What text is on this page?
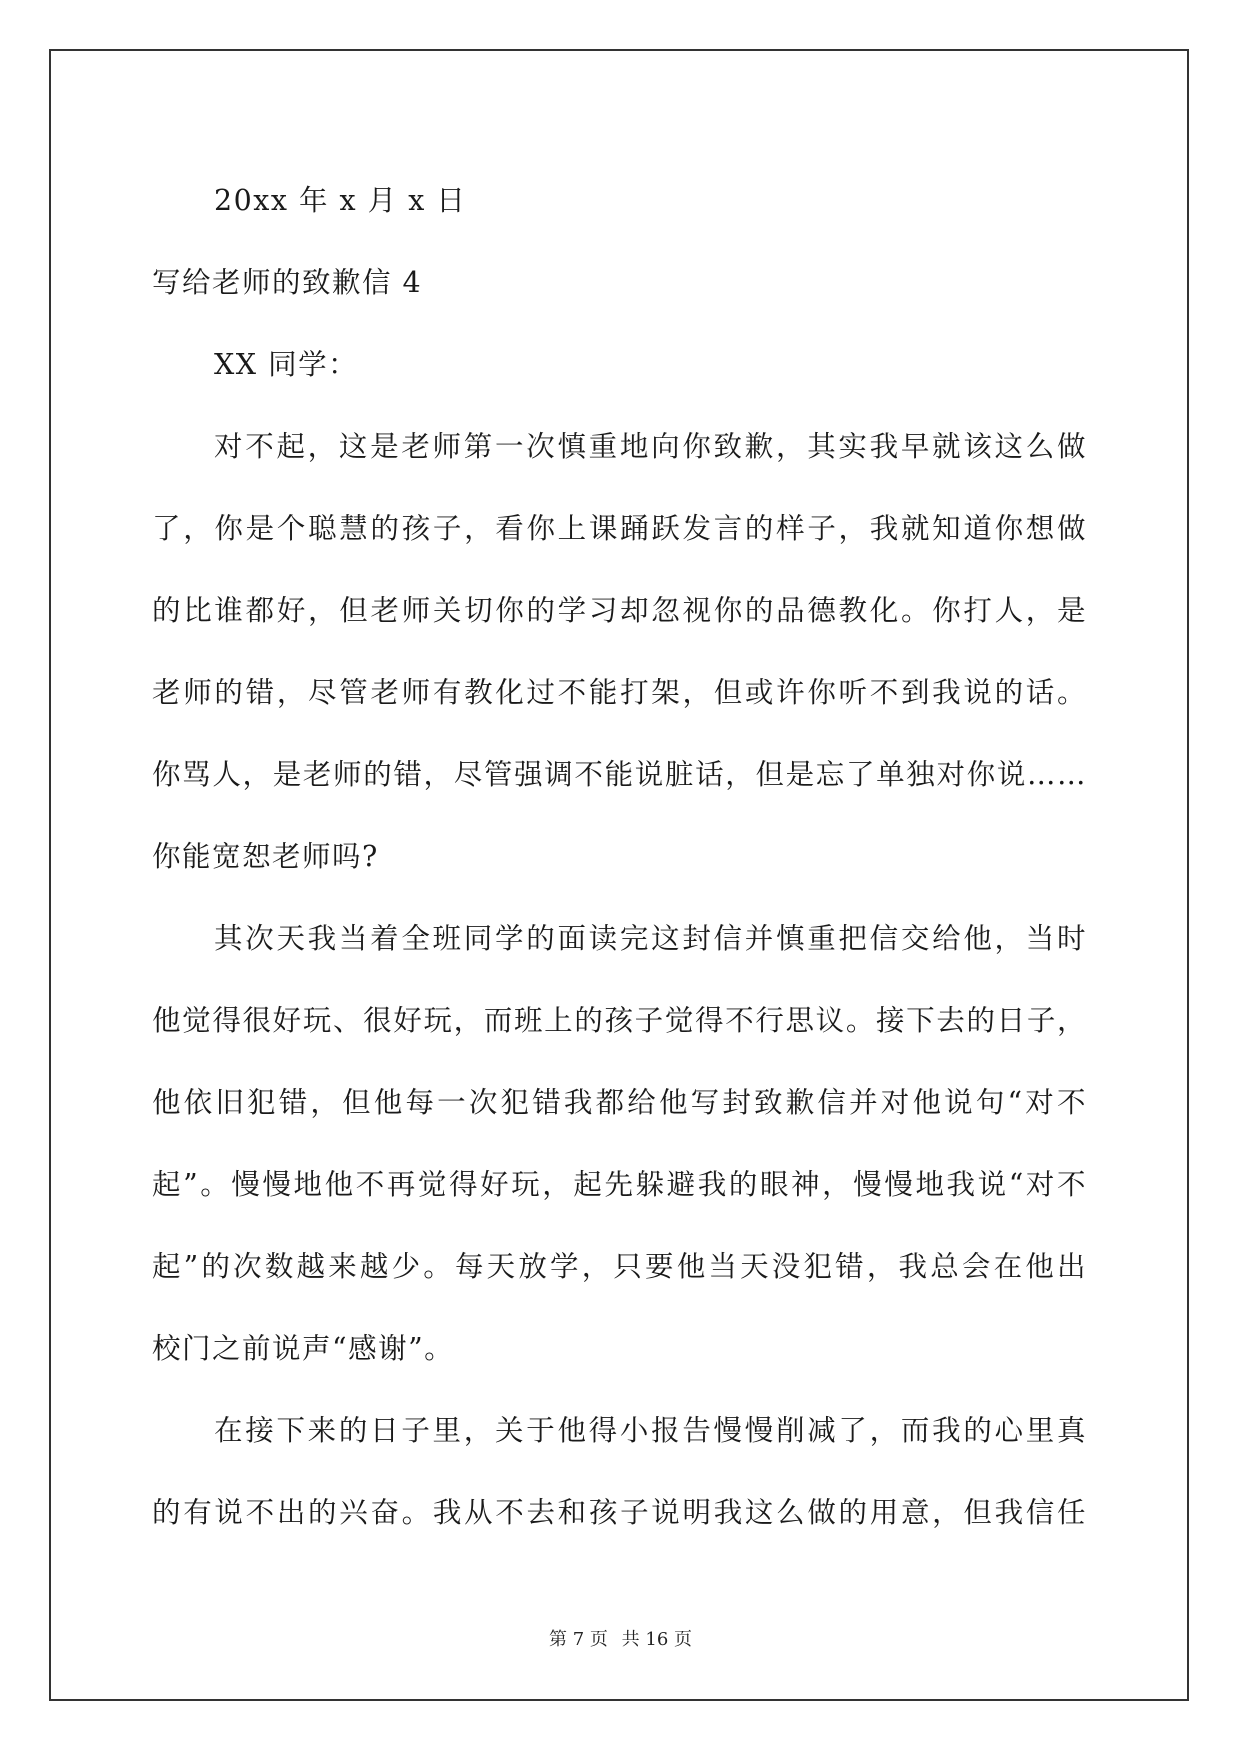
20xx 年 x 月 x 日
写给老师的致歉信 4
XX 同学：
对不起，这是老师第一次慎重地向你致歉，其实我早就该这么做
了，你是个聪慧的孩子，看你上课踊跃发言的样子，我就知道你想做
的比谁都好，但老师关切你的学习却忽视你的品德教化。你打人，是
老师的错，尽管老师有教化过不能打架，但或许你听不到我说的话。
你骂人，是老师的错，尽管强调不能说脏话，但是忘了单独对你说……
你能宽恕老师吗?
其次天我当着全班同学的面读完这封信并慎重把信交给他，当时
他觉得很好玩、很好玩，而班上的孩子觉得不行思议。接下去的日子，
他依旧犯错，但他每一次犯错我都给他写封致歉信并对他说句“对不
起”。慢慢地他不再觉得好玩，起先躲避我的眼神，慢慢地我说“对不
起”的次数越来越少。每天放学，只要他当天没犯错，我总会在他出
校门之前说声“感谢”。
在接下来的日子里，关于他得小报告慢慢削减了，而我的心里真
的有说不出的兴奋。我从不去和孩子说明我这么做的用意，但我信任
第 7 页 共 16 页
